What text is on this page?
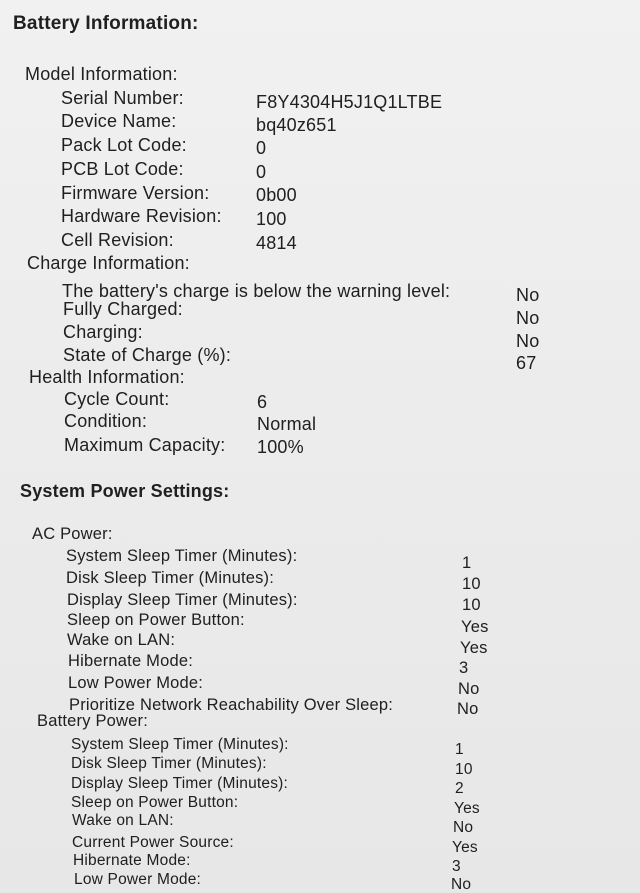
Battery Information:
Model Information:
Serial Number:	F8Y4304H5J1Q1LTBE
Device Name:	bq40z651
Pack Lot Code:	0
PCB Lot Code:	0
Firmware Version:	0b00
Hardware Revision: 100
Cell Revision:	4814
Charge Information:
The battery's charge is below the warning level:	No
Fully Charged:	No
Charging:	No
State of Charge (%):	67
Health Information:
Cycle Count:	6
Condition:	Normal
Maximum Capacity: 100%
System Power Settings:
AC Power:
System Sleep Timer (Minutes):	1
Disk Sleep Timer (Minutes):	10
Display Sleep Timer (Minutes):	10
Sleep on Power Button:	Yes
Wake on LAN:	Yes
Hibernate Mode:	3
Low Power Mode:	No
Prioritize Network Reachability Over Sleep:	No
Battery Power:
System Sleep Timer (Minutes):	1
Disk Sleep Timer (Minutes):	10
Display Sleep Timer (Minutes):	2
Sleep on Power Button:	Yes
Wake on LAN:	No
Current Power Source:	Yes
Hibernate Mode:	3
Low Power Mode:	No
